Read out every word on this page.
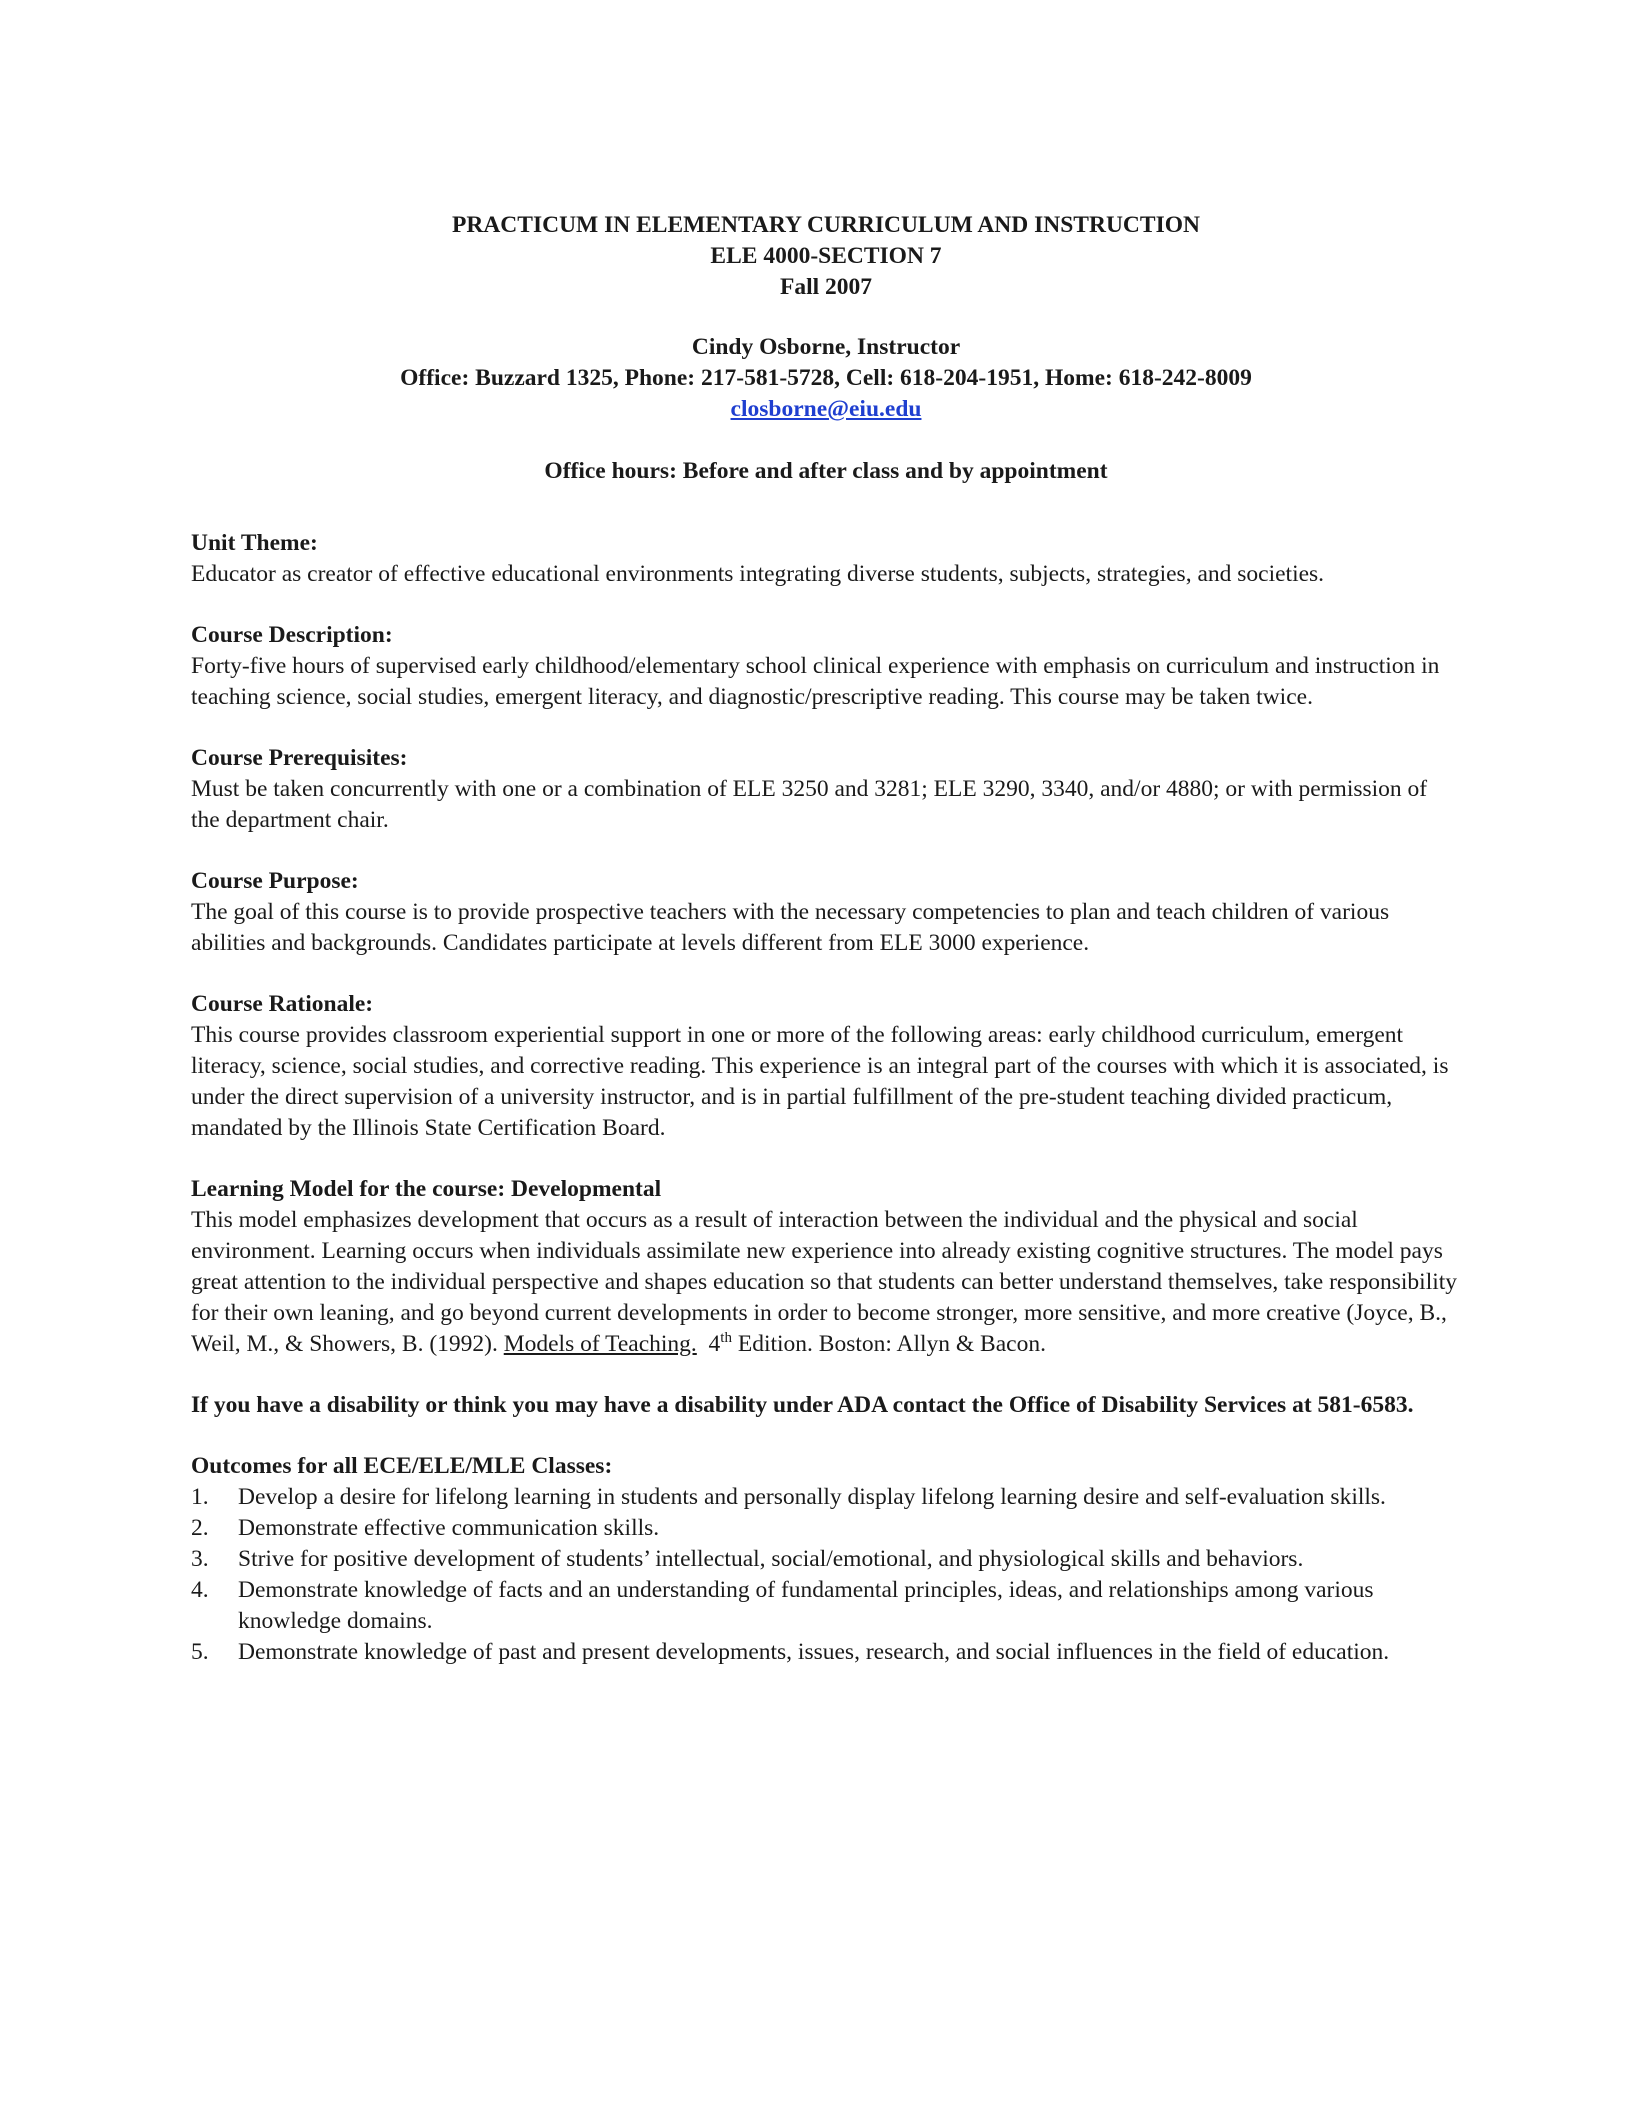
PRACTICUM IN ELEMENTARY CURRICULUM AND INSTRUCTION
ELE 4000-SECTION 7
Fall 2007
Cindy Osborne, Instructor
Office: Buzzard 1325, Phone: 217-581-5728, Cell: 618-204-1951, Home: 618-242-8009
closborne@eiu.edu
Office hours: Before and after class and by appointment
Unit Theme:
Educator as creator of effective educational environments integrating diverse students, subjects, strategies, and societies.
Course Description:
Forty-five hours of supervised early childhood/elementary school clinical experience with emphasis on curriculum and instruction in teaching science, social studies, emergent literacy, and diagnostic/prescriptive reading. This course may be taken twice.
Course Prerequisites:
Must be taken concurrently with one or a combination of ELE 3250 and 3281; ELE 3290, 3340, and/or 4880; or with permission of the department chair.
Course Purpose:
The goal of this course is to provide prospective teachers with the necessary competencies to plan and teach children of various abilities and backgrounds. Candidates participate at levels different from ELE 3000 experience.
Course Rationale:
This course provides classroom experiential support in one or more of the following areas: early childhood curriculum, emergent literacy, science, social studies, and corrective reading. This experience is an integral part of the courses with which it is associated, is under the direct supervision of a university instructor, and is in partial fulfillment of the pre-student teaching divided practicum, mandated by the Illinois State Certification Board.
Learning Model for the course: Developmental
This model emphasizes development that occurs as a result of interaction between the individual and the physical and social environment. Learning occurs when individuals assimilate new experience into already existing cognitive structures. The model pays great attention to the individual perspective and shapes education so that students can better understand themselves, take responsibility for their own leaning, and go beyond current developments in order to become stronger, more sensitive, and more creative (Joyce, B., Weil, M., & Showers, B. (1992). Models of Teaching. 4th Edition. Boston: Allyn & Bacon.
If you have a disability or think you may have a disability under ADA contact the Office of Disability Services at 581-6583.
Outcomes for all ECE/ELE/MLE Classes:
1.	Develop a desire for lifelong learning in students and personally display lifelong learning desire and self-evaluation skills.
2.	Demonstrate effective communication skills.
3.	Strive for positive development of students’ intellectual, social/emotional, and physiological skills and behaviors.
4.	Demonstrate knowledge of facts and an understanding of fundamental principles, ideas, and relationships among various knowledge domains.
5.	Demonstrate knowledge of past and present developments, issues, research, and social influences in the field of education.
